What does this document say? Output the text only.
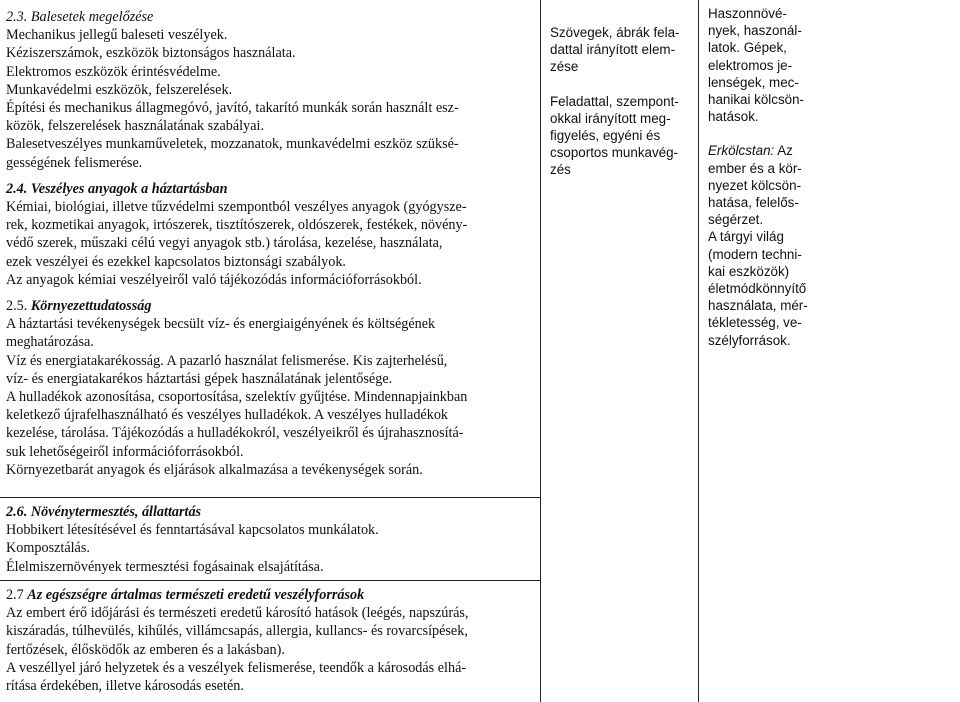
2.3. Balesetek megelőzése

Mechanikus jellegű baleseti veszélyek.

Kéziszerszámok, eszközök biztonságos használata.

Elektromos eszközök érintésvédelme.

Munkavédelmi eszközök, felszerelések.

Építési és mechanikus állagmegóvó, javító, takarító munkák során használt esz-

közök, felszerelések használatának szabályai.

Balesetveszélyes munkaműveletek, mozzanatok, munkavédelmi eszköz szüksé-

gességének felismerése.

2.4. Veszélyes anyagok a háztartásban

Kémiai, biológiai, illetve tűzvédelmi szempontból veszélyes anyagok (gyógysze-

rek, kozmetikai anyagok, irtószerek, tisztítószerek, oldószerek, festékek, növény-

védő szerek, műszaki célú vegyi anyagok stb.) tárolása, kezelése, használata,

ezek veszélyei és ezekkel kapcsolatos biztonsági szabályok.

Az anyagok kémiai veszélyeiről való tájékozódás információforrásokból.

2.5. Környezettudatosság

A háztartási tevékenységek becsült víz- és energiaigényének és költségének

meghatározása.

Víz és energiatakarékosság. A pazarló használat felismerése. Kis zajterhelésű,

víz- és energiatakarékos háztartási gépek használatának jelentősége.

A hulladékok azonosítása, csoportosítása, szelektív gyűjtése. Mindennapjainkban

keletkező újrafelhasználható és veszélyes hulladékok. A veszélyes hulladékok

kezelése, tárolása. Tájékozódás a hulladékokról, veszélyeikről és újrahasznosítá-

suk lehetőségeiről információforrásokból.

Környezetbarát anyagok és eljárások alkalmazása a tevékenységek során.

2.6. Növénytermesztés, állattartás

Hobbikert létesítésével és fenntartásával kapcsolatos munkálatok.

Komposztálás.

Élelmiszernövények termesztési fogásainak elsajátítása.

2.7 Az egészségre ártalmas természeti eredetű veszélyforrások

Az embert érő időjárási és természeti eredetű károsító hatások (leégés, napszúrás,

kiszáradás, túlhevülés, kihűlés, villámcsapás, allergia, kullancs- és rovarcsípések,

fertőzések, élősködők az emberen és a lakásban).

A veszéllyel járó helyzetek és a veszélyek felismerése, teendők a károsodás elhá-

rítása érdekében, illetve károsodás esetén.

Szövegek, ábrák fela-

dattal irányított elem-

zése

Feladattal, szempont-

okkal irányított meg-

figyelés, egyéni és

csoportos munkavég-

zés

Haszonnövé-

nyek, haszonál-

latok. Gépek,

elektromos je-

lenségek, mec-

hanikai kölcsön-

hatások.

Erkölcstan: Az

ember és a kör-

nyezet kölcsön-

hatása, felelős-

ségérzet.

A tárgyi világ

(modern techni-

kai eszközök)

életmódkönnyítő

használata, mér-

tékletesség, ve-

szélyforrások.
